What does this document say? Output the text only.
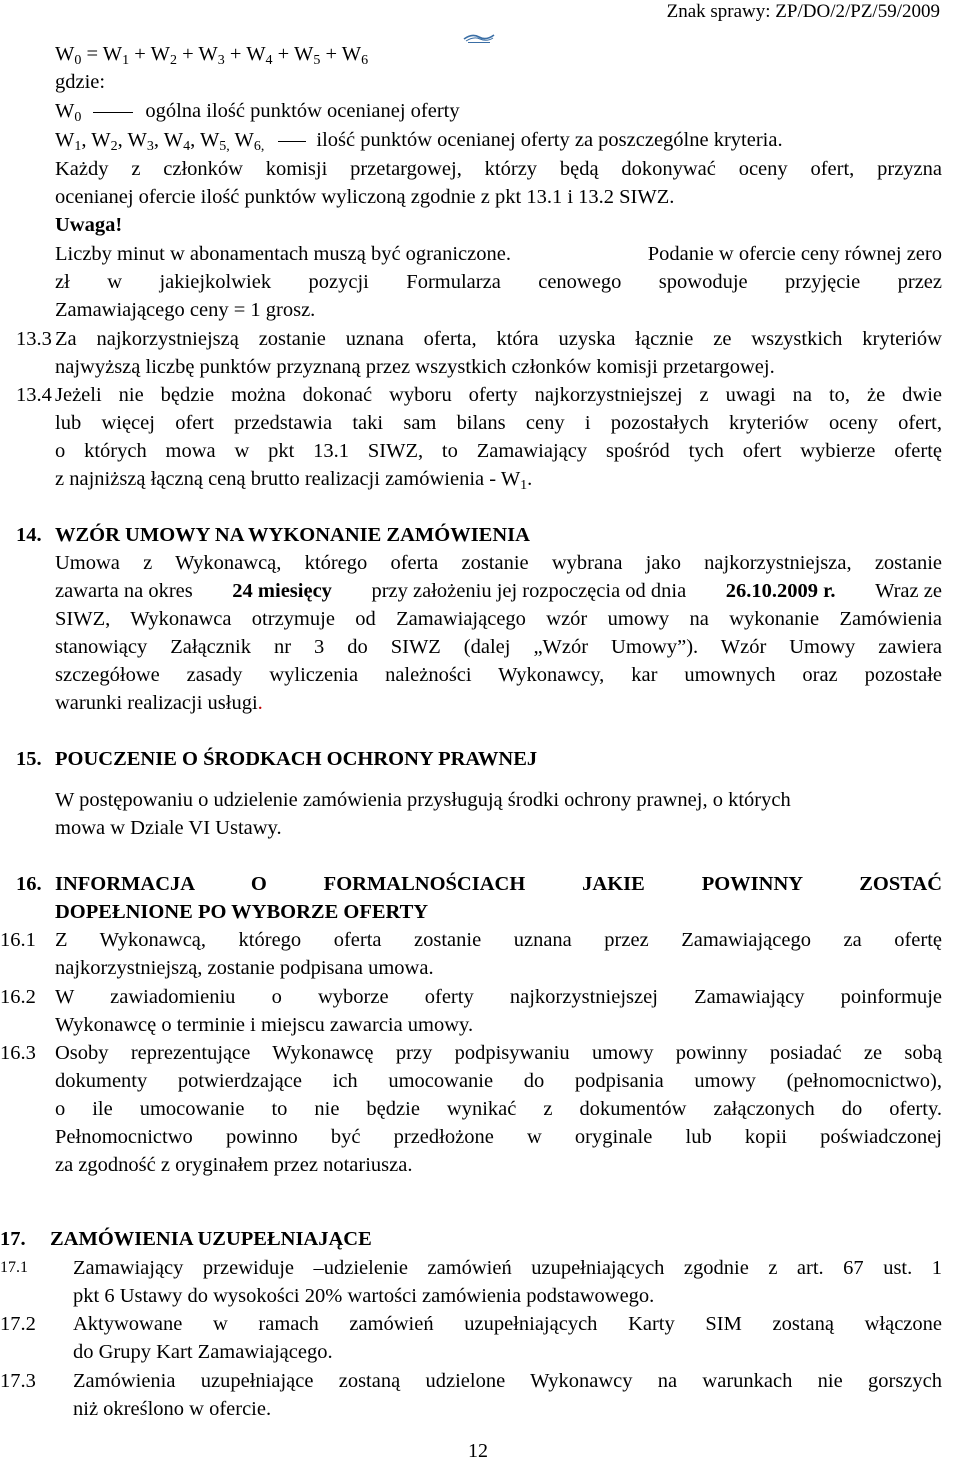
Znak sprawy: ZP/DO/2/PZ/59/2009
$W_0 = W_1 + W_2 + W_3 + W_4 + W_5 + W_6$
gdzie:
$W_0$	ogólna ilość punktów ocenianej oferty
$W_1$, $W_2$, $W_3$, $W_4$, $W_{5,}$ $W_{6,}$	ilość punktów ocenianej oferty za poszczególne kryteria.
Każdy z członków komisji przetargowej, którzy będą dokonywać oceny ofert, przyzna
ocenianej ofercie ilość punktów wyliczoną zgodnie z pkt 13.1 i 13.2 SIWZ.
Uwaga!
Liczby minut w abonamentach muszą być ograniczone.	Podanie w ofercie ceny równej zero
zł w jakiejkolwiek pozycji Formularza cenowego spowoduje przyjęcie przez
Zamawiającego ceny = 1 grosz.
13.3 Za najkorzystniejszą zostanie uznana oferta, która uzyska łącznie ze wszystkich kryteriów
najwyższą liczbę punktów przyznaną przez wszystkich członków komisji przetargowej.
13.4 Jeżeli nie będzie można dokonać wyboru oferty najkorzystniejszej z uwagi na to, że dwie
lub więcej ofert przedstawia taki sam bilans ceny i pozostałych kryteriów oceny ofert,
o których mowa w pkt 13.1 SIWZ, to Zamawiający spośród tych ofert wybierze ofertę
z najniższą łączną ceną brutto realizacji zamówienia - $W_1$.
14. WZÓR UMOWY NA WYKONANIE ZAMÓWIENIA
Umowa z Wykonawcą, którego oferta zostanie wybrana jako najkorzystniejsza, zostanie
zawarta na okres 24 miesięcy przy założeniu jej rozpoczęcia od dnia 26.10.2009 r. Wraz ze
SIWZ, Wykonawca otrzymuje od Zamawiającego wzór umowy na wykonanie Zamówienia
stanowiący Załącznik nr 3 do SIWZ (dalej „Wzór Umowy”). Wzór Umowy zawiera
szczegółowe zasady wyliczenia należności Wykonawcy, kar umownych oraz pozostałe
warunki realizacji usługi.
15. POUCZENIE O ŚRODKACH OCHRONY PRAWNEJ
W postępowaniu o udzielenie zamówienia przysługują środki ochrony prawnej, o których
mowa w Dziale VI Ustawy.
16. INFORMACJA O FORMALNOŚCIACH JAKIE POWINNY ZOSTAĆ
DOPEŁNIONE PO WYBORZE OFERTY
16.1 Z Wykonawcą, którego oferta zostanie uznana przez Zamawiającego za ofertę
najkorzystniejszą, zostanie podpisana umowa.
16.2 W zawiadomieniu o wyborze oferty najkorzystniejszej Zamawiający poinformuje
Wykonawcę o terminie i miejscu zawarcia umowy.
16.3 Osoby reprezentujące Wykonawcę przy podpisywaniu umowy powinny posiadać ze sobą
dokumenty potwierdzające ich umocowanie do podpisania umowy (pełnomocnictwo),
o ile umocowanie to nie będzie wynikać z dokumentów załączonych do oferty.
Pełnomocnictwo powinno być przedłożone w oryginale lub kopii poświadczonej
za zgodność z oryginałem przez notariusza.
17. ZAMÓWIENIA UZUPEŁNIAJĄCE
17.1 Zamawiający przewiduje –udzielenie zamówień uzupełniających zgodnie z art. 67 ust. 1
pkt 6 Ustawy do wysokości 20% wartości zamówienia podstawowego.
17.2 Aktywowane w ramach zamówień uzupełniających Karty SIM zostaną włączone
do Grupy Kart Zamawiającego.
17.3 Zamówienia uzupełniające zostaną udzielone Wykonawcy na warunkach nie gorszych
niż określono w ofercie.
12
